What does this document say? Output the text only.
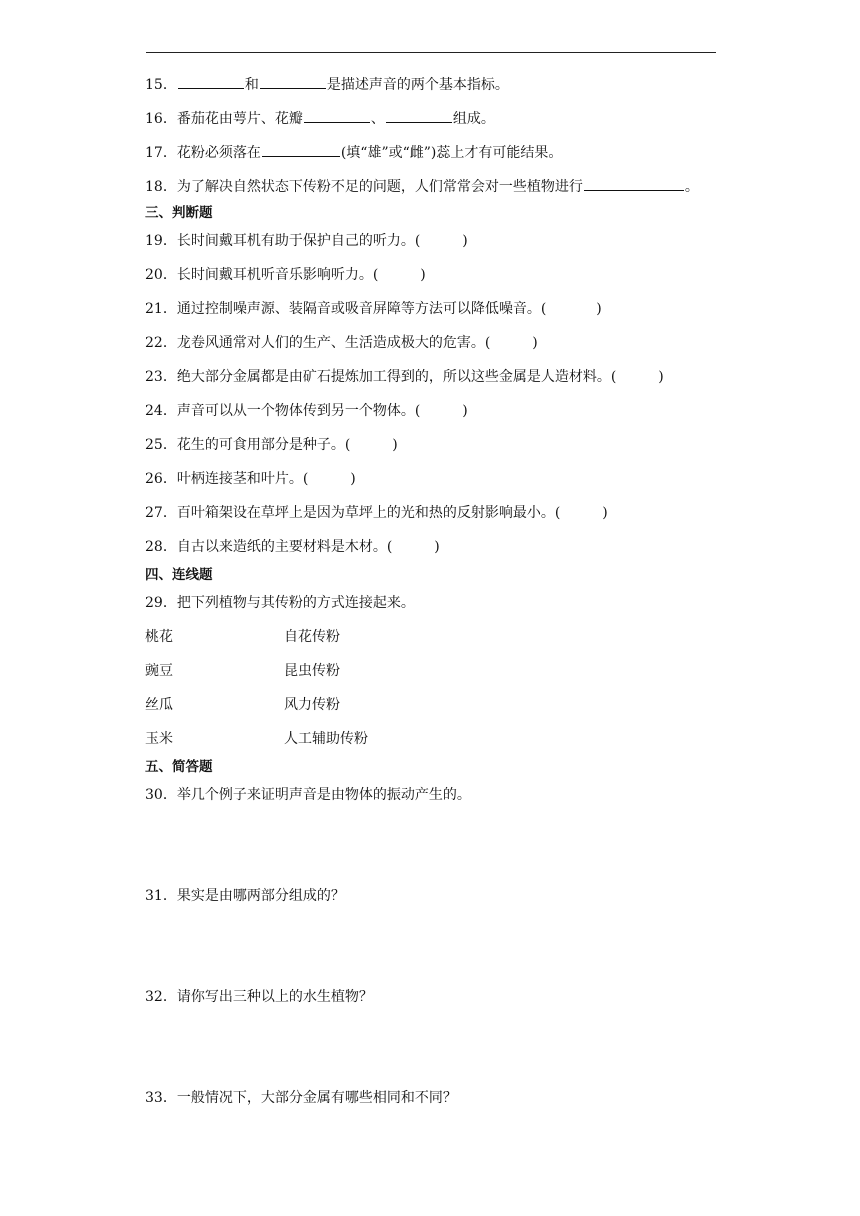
15．	和	是描述声音的两个基本指标。
16．番茄花由萼片、花瓣	、	组成。
17．花粉必须落在	(填“雄”或“雌”)蕊上才有可能结果。
18．为了解决自然状态下传粉不足的问题，人们常常会对一些植物进行	。
三、判断题
19．长时间戴耳机有助于保护自己的听力。(	)
20．长时间戴耳机听音乐影响听力。(	)
21．通过控制噪声源、装隔音或吸音屏障等方法可以降低噪音。(	)
22．龙卷风通常对人们的生产、生活造成极大的危害。(	)
23．绝大部分金属都是由矿石提炼加工得到的，所以这些金属是人造材料。(	)
24．声音可以从一个物体传到另一个物体。(	)
25．花生的可食用部分是种子。(	)
26．叶柄连接茎和叶片。(	)
27．百叶箱架设在草坪上是因为草坪上的光和热的反射影响最小。(	)
28．自古以来造纸的主要材料是木材。(	)
四、连线题
29．把下列植物与其传粉的方式连接起来。
桃花	自花传粉
豌豆	昆虫传粉
丝瓜	风力传粉
玉米	人工辅助传粉
五、简答题
30．举几个例子来证明声音是由物体的振动产生的。
31．果实是由哪两部分组成的？
32．请你写出三种以上的水生植物？
33．一般情况下，大部分金属有哪些相同和不同？
